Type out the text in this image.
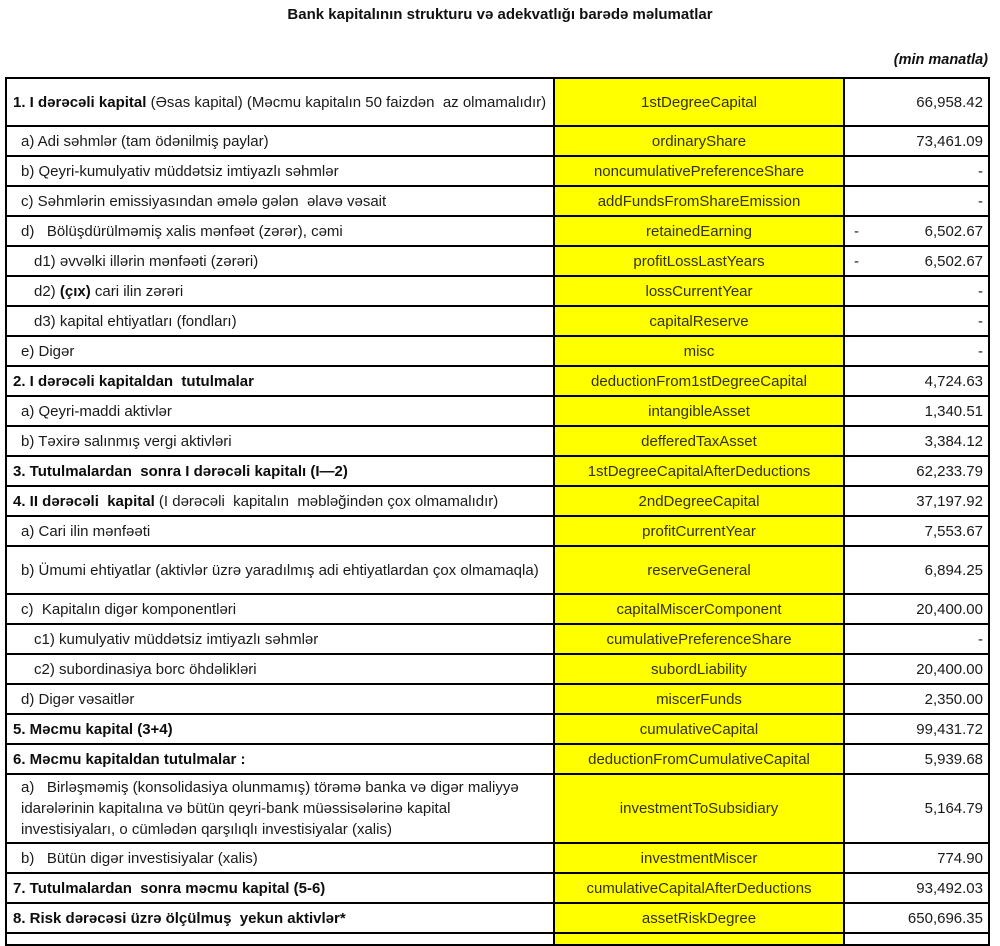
Bank kapitalının strukturu və adekvatlığı barədə məlumatlar
(min manatla)
1. I dərəcəli kapital (Əsas kapital) (Məcmu kapitalın 50 faizdən  az olmamalıdır)	1stDegreeCapital	66,958.42

a) Adi səhmlər (tam ödənilmiş paylar)	ordinaryShare	73,461.09

b) Qeyri-kumulyativ müddətsiz imtiyazlı səhmlər	noncumulativePreferenceShare	-

c) Səhmlərin emissiyasından əmələ gələn  əlavə vəsait	addFundsFromShareEmission	-

d)   Bölüşdürülməmiş xalis mənfəət (zərər), cəmi	retainedEarning	- 6,502.67

d1) əvvəlki illərin mənfəəti (zərəri)	profitLossLastYears	- 6,502.67

d2) (çıx) cari ilin zərəri	lossCurrentYear	-

d3) kapital ehtiyatları (fondları)	capitalReserve	-

e) Digər	misc	-

2. I dərəcəli kapitaldan  tutulmalar	deductionFrom1stDegreeCapital	4,724.63

a) Qeyri-maddi aktivlər	intangibleAsset	1,340.51

b) Təxirə salınmış vergi aktivləri	defferedTaxAsset	3,384.12

3. Tutulmalardan  sonra I dərəcəli kapitalı (I—2)	1stDegreeCapitalAfterDeductions	62,233.79

4. II dərəcəli  kapital (I dərəcəli  kapitalın  məbləğindən çox olmamalıdır)	2ndDegreeCapital	37,197.92

a) Cari ilin mənfəəti	profitCurrentYear	7,553.67

b) Ümumi ehtiyatlar (aktivlər üzrə yaradılmış adi ehtiyatlardan çox olmamaqla)	reserveGeneral	6,894.25

c)  Kapitalın digər komponentləri	capitalMiscerComponent	20,400.00

c1) kumulyativ müddətsiz imtiyazlı səhmlər	cumulativePreferenceShare	-

c2) subordinasiya borc öhdəlikləri	subordLiability	20,400.00

d) Digər vəsaitlər	miscerFunds	2,350.00

5. Məcmu kapital (3+4)	cumulativeCapital	99,431.72

6. Məcmu kapitaldan tutulmalar :	deductionFromCumulativeCapital	5,939.68

a)   Birləşməmiş (konsolidasiya olunmamış) törəmə banka və digər maliyyə idarələrinin kapitalına və bütün qeyri-bank müəssisələrinə kapital investisiyaları, o cümlədən qarşılıqlı investisiyalar (xalis)	investmentToSubsidiary	5,164.79

b)   Bütün digər investisiyalar (xalis)	investmentMiscer	774.90

7. Tutulmalardan  sonra məcmu kapital (5-6)	cumulativeCapitalAfterDeductions	93,492.03

8. Risk dərəcəsi üzrə ölçülmuş  yekun aktivlər*	assetRiskDegree	650,696.35
